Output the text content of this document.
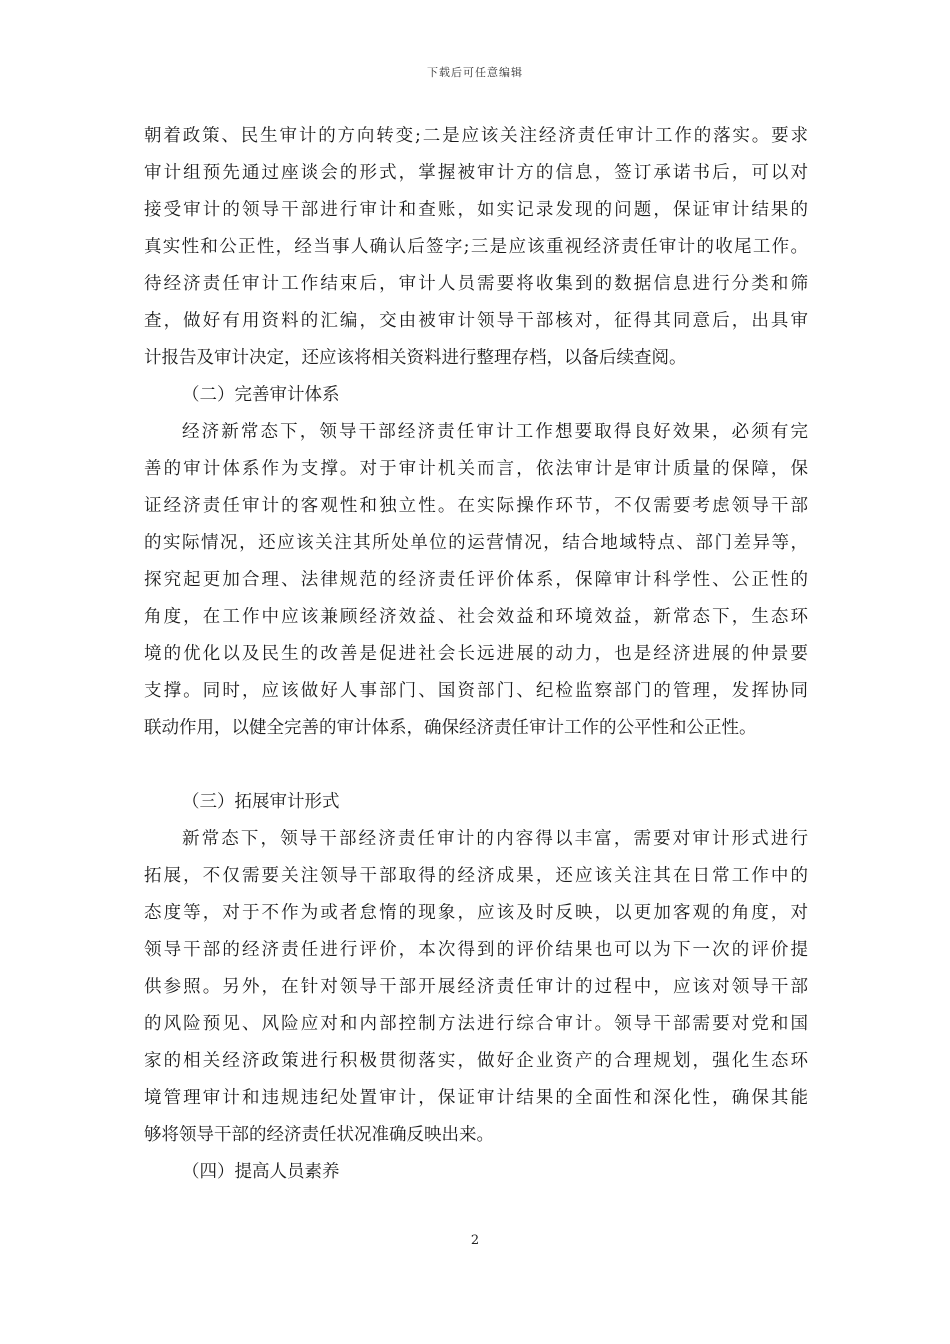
下载后可任意编辑
朝着政策、民生审计的方向转变;二是应该关注经济责任审计工作的落实。要求
审计组预先通过座谈会的形式，掌握被审计方的信息，签订承诺书后，可以对
接受审计的领导干部进行审计和查账，如实记录发现的问题，保证审计结果的
真实性和公正性，经当事人确认后签字;三是应该重视经济责任审计的收尾工作。
待经济责任审计工作结束后，审计人员需要将收集到的数据信息进行分类和筛
查，做好有用资料的汇编，交由被审计领导干部核对，征得其同意后，出具审
计报告及审计决定，还应该将相关资料进行整理存档，以备后续查阅。
（二）完善审计体系
经济新常态下，领导干部经济责任审计工作想要取得良好效果，必须有完
善的审计体系作为支撑。对于审计机关而言，依法审计是审计质量的保障，保
证经济责任审计的客观性和独立性。在实际操作环节，不仅需要考虑领导干部
的实际情况，还应该关注其所处单位的运营情况，结合地域特点、部门差异等，
探究起更加合理、法律规范的经济责任评价体系，保障审计科学性、公正性的
角度，在工作中应该兼顾经济效益、社会效益和环境效益，新常态下，生态环
境的优化以及民生的改善是促进社会长远进展的动力，也是经济进展的仲景要
支撑。同时，应该做好人事部门、国资部门、纪检监察部门的管理，发挥协同
联动作用，以健全完善的审计体系，确保经济责任审计工作的公平性和公正性。
（三）拓展审计形式
新常态下，领导干部经济责任审计的内容得以丰富，需要对审计形式进行
拓展，不仅需要关注领导干部取得的经济成果，还应该关注其在日常工作中的
态度等，对于不作为或者怠惰的现象，应该及时反映，以更加客观的角度，对
领导干部的经济责任进行评价，本次得到的评价结果也可以为下一次的评价提
供参照。另外，在针对领导干部开展经济责任审计的过程中，应该对领导干部
的风险预见、风险应对和内部控制方法进行综合审计。领导干部需要对党和国
家的相关经济政策进行积极贯彻落实，做好企业资产的合理规划，强化生态环
境管理审计和违规违纪处置审计，保证审计结果的全面性和深化性，确保其能
够将领导干部的经济责任状况准确反映出来。
（四）提高人员素养
2
